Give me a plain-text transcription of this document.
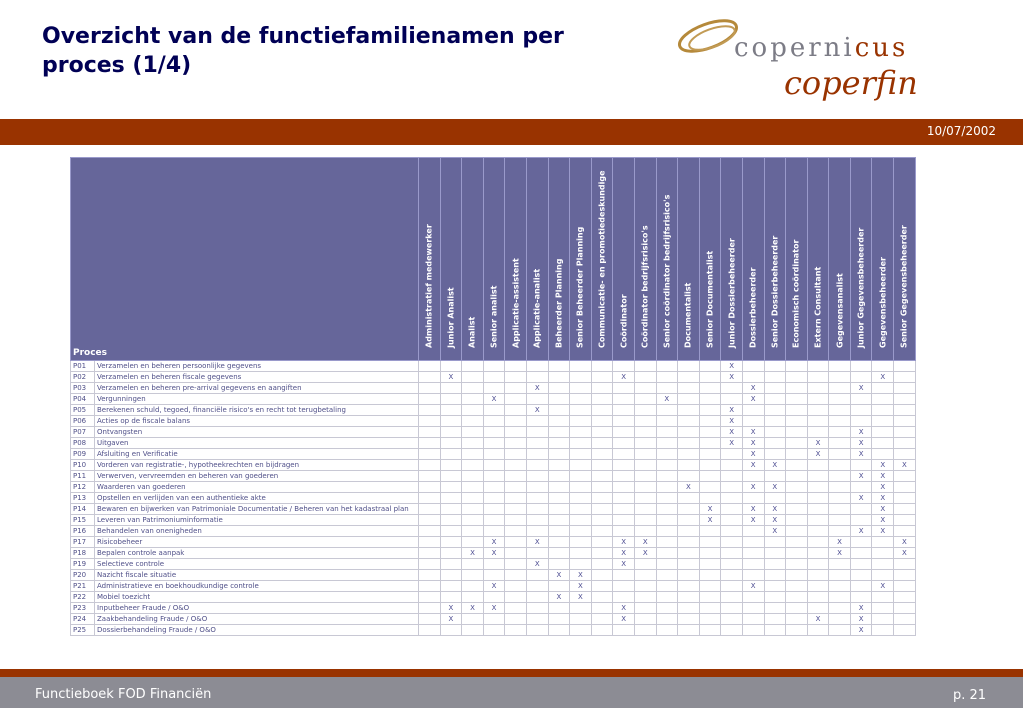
Overzicht van de functiefamilienamen per
proces (1/4)
copernicus
coperfin
10/07/2002
Proces		Administratief medewerker	Junior Analist	Analist	Senior analist	Applicatie-assistent	Applicatie-analist	Beheerder Planning	Senior Beheerder Planning	Communicatie- en promotiedeskundige	Coördinator	Coördinator bedrijfsrisico's	Senior coördinator bedrijfsrisico's	Documentalist	Senior Documentalist	Junior Dossierbeheerder	Dossierbeheerder	Senior Dossierbeheerder	Economisch coördinator	Extern Consultant	Gegevensanalist	Junior Gegevensbeheerder	Gegevensbeheerder	Senior Gegevensbeheerder

P01	Verzamelen en beheren persoonlijke gegevens															X								
P02	Verzamelen en beheren fiscale gegevens		X								X					X							X	
P03	Verzamelen en beheren pre-arrival gegevens en aangiften						X										X					X		
P04	Vergunningen				X								X				X							
P05	Berekenen schuld, tegoed, financiële risico's en recht tot terugbetaling						X									X								
P06	Acties op de fiscale balans															X								
P07	Ontvangsten															X	X					X		
P08	Uitgaven															X	X			X		X		
P09	Afsluiting en Verificatie																X			X		X		
P10	Vorderen van registratie-, hypotheekrechten en bijdragen																X	X					X	X
P11	Verwerven, vervreemden en beheren van goederen																					X	X	
P12	Waarderen van goederen													X			X	X					X	
P13	Opstellen en verlijden van een authentieke akte																					X	X	
P14	Bewaren en bijwerken van Patrimoniale Documentatie / Beheren van het kadastraal plan														X		X	X					X	
P15	Leveren van Patrimoniuminformatie														X		X	X					X	
P16	Behandelen van onenigheden																	X				X	X	
P17	Risicobeheer				X		X				X	X									X			X
P18	Bepalen controle aanpak			X	X						X	X									X			X
P19	Selectieve controle						X				X													
P20	Nazicht fiscale situatie							X	X															
P21	Administratieve en boekhoudkundige controle				X				X								X						X	
P22	Mobiel toezicht							X	X															
P23	Inputbeheer Fraude / O&O		X	X	X						X											X		
P24	Zaakbehandeling Fraude / O&O		X								X									X		X		
P25	Dossierbehandeling Fraude / O&O																					X		
Functieboek FOD Financiën	p. 21
